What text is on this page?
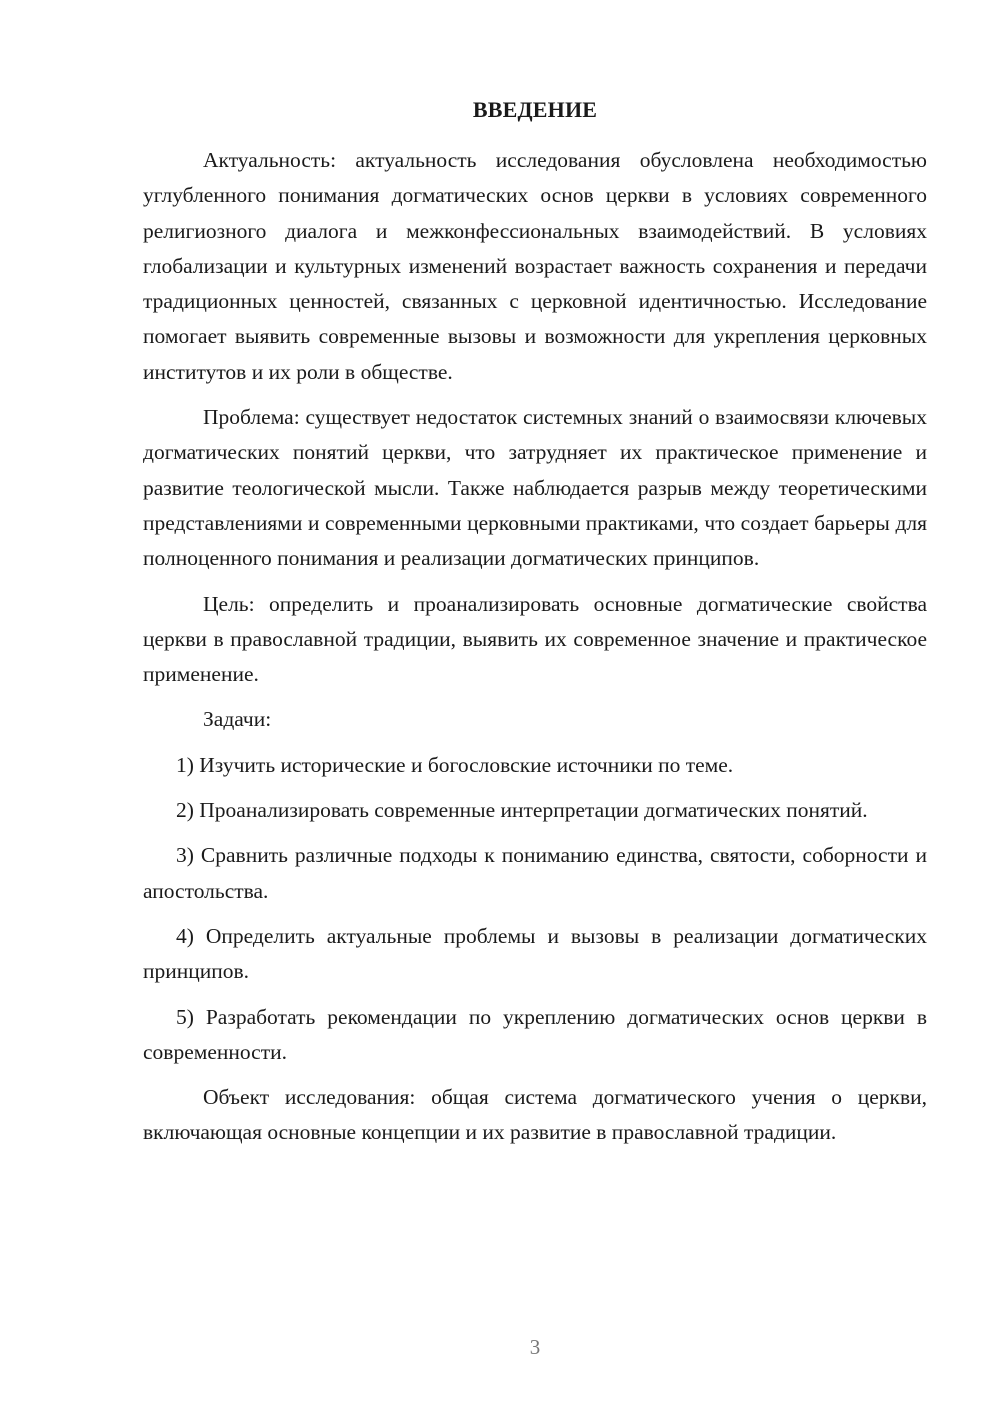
ВВЕДЕНИЕ

Актуальность: актуальность исследования обусловлена необходимостью углубленного понимания догматических основ церкви в условиях современного религиозного диалога и межконфессиональных взаимодействий. В условиях глобализации и культурных изменений возрастает важность сохранения и передачи традиционных ценностей, связанных с церковной идентичностью. Исследование помогает выявить современные вызовы и возможности для укрепления церковных институтов и их роли в обществе.

Проблема: существует недостаток системных знаний о взаимосвязи ключевых догматических понятий церкви, что затрудняет их практическое применение и развитие теологической мысли. Также наблюдается разрыв между теоретическими представлениями и современными церковными практиками, что создает барьеры для полноценного понимания и реализации догматических принципов.

Цель: определить и проанализировать основные догматические свойства церкви в православной традиции, выявить их современное значение и практическое применение.

Задачи:

1) Изучить исторические и богословские источники по теме.

2) Проанализировать современные интерпретации догматических понятий.

3) Сравнить различные подходы к пониманию единства, святости, соборности и апостольства.

4) Определить актуальные проблемы и вызовы в реализации догматических принципов.

5) Разработать рекомендации по укреплению догматических основ церкви в современности.

Объект исследования: общая система догматического учения о церкви, включающая основные концепции и их развитие в православной традиции.

3
